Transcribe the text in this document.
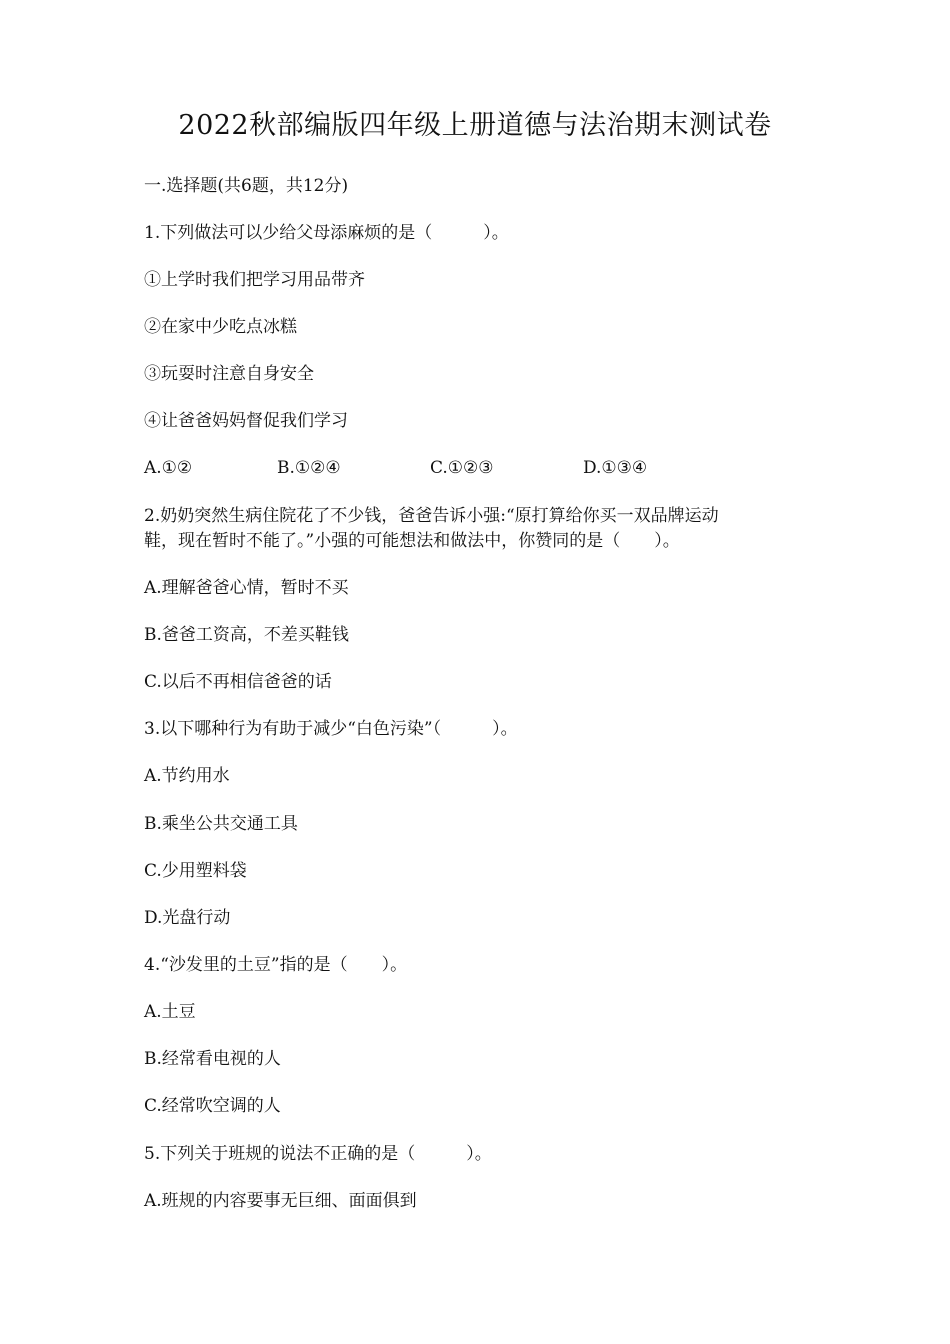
2022秋部编版四年级上册道德与法治期末测试卷
一.选择题(共6题，共12分)
1.下列做法可以少给父母添麻烦的是（　　　）。
①上学时我们把学习用品带齐
②在家中少吃点冰糕
③玩耍时注意自身安全
④让爸爸妈妈督促我们学习
A.①②	B.①②④	C.①②③	D.①③④
2.奶奶突然生病住院花了不少钱，爸爸告诉小强:“原打算给你买一双品牌运动
鞋，现在暂时不能了。”小强的可能想法和做法中，你赞同的是（　　）。
A.理解爸爸心情，暂时不买
B.爸爸工资高，不差买鞋钱
C.以后不再相信爸爸的话
3.以下哪种行为有助于减少“白色污染”（　　　）。
A.节约用水
B.乘坐公共交通工具
C.少用塑料袋
D.光盘行动
4.“沙发里的土豆”指的是（　　）。
A.土豆
B.经常看电视的人
C.经常吹空调的人
5.下列关于班规的说法不正确的是（　　　）。
A.班规的内容要事无巨细、面面俱到
